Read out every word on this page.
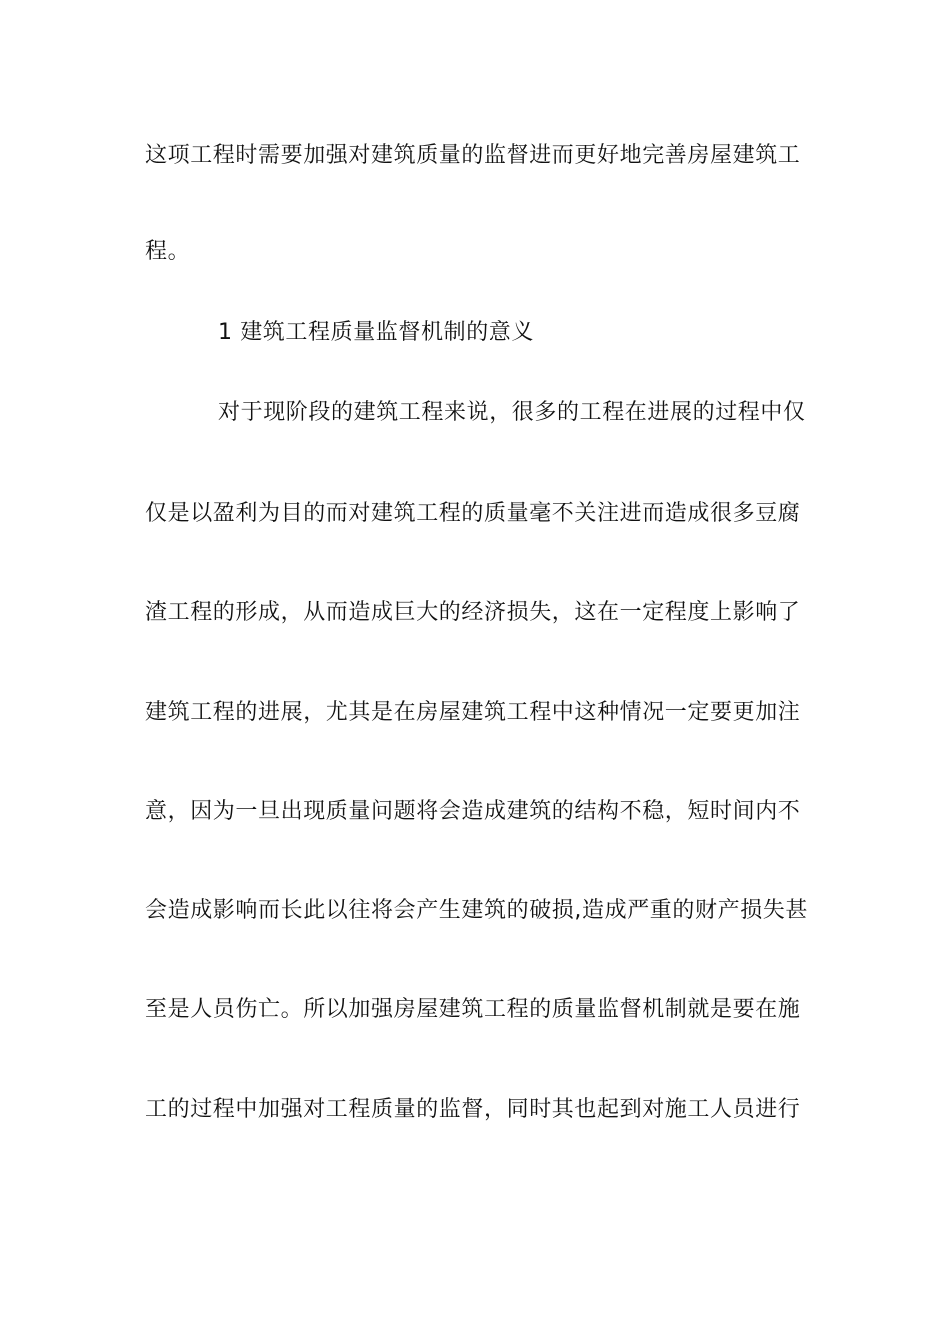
这项工程时需要加强对建筑质量的监督进而更好地完善房屋建筑工
程。
1 建筑工程质量监督机制的意义
对于现阶段的建筑工程来说，很多的工程在进展的过程中仅
仅是以盈利为目的而对建筑工程的质量毫不关注进而造成很多豆腐
渣工程的形成，从而造成巨大的经济损失，这在一定程度上影响了
建筑工程的进展，尤其是在房屋建筑工程中这种情况一定要更加注
意，因为一旦出现质量问题将会造成建筑的结构不稳，短时间内不
会造成影响而长此以往将会产生建筑的破损,造成严重的财产损失甚
至是人员伤亡。所以加强房屋建筑工程的质量监督机制就是要在施
工的过程中加强对工程质量的监督，同时其也起到对施工人员进行
